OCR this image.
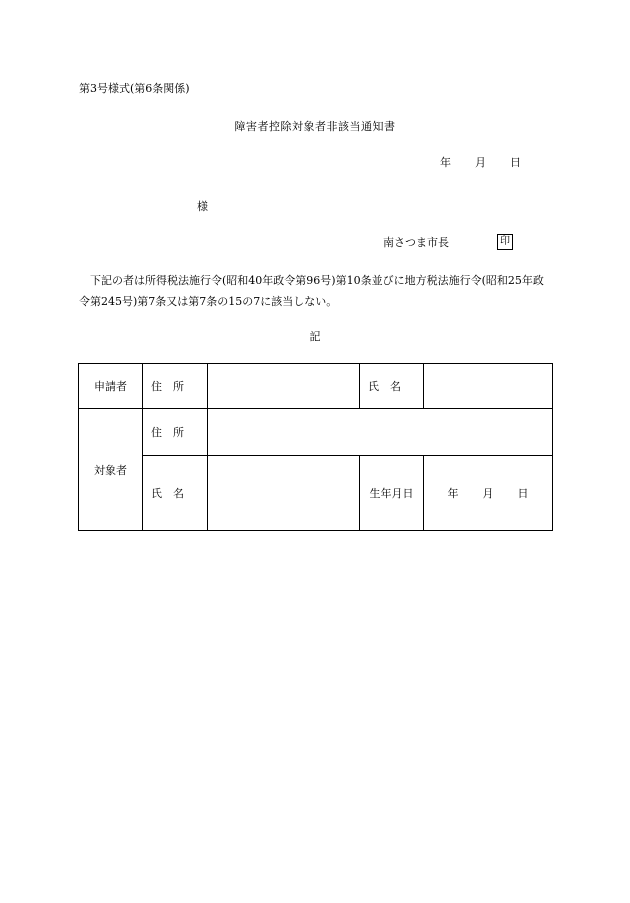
第3号様式(第6条関係)
障害者控除対象者非該当通知書
年 月 日
様
南さつま市長	印
下記の者は所得税法施行令(昭和40年政令第96号)第10条並びに地方税法施行令(昭和25年政令第245号)第7条又は第7条の15の7に該当しない。
記
申請者	住　所		氏　名	
対象者	住　所			
	氏　名		生年月日	年 月 日
